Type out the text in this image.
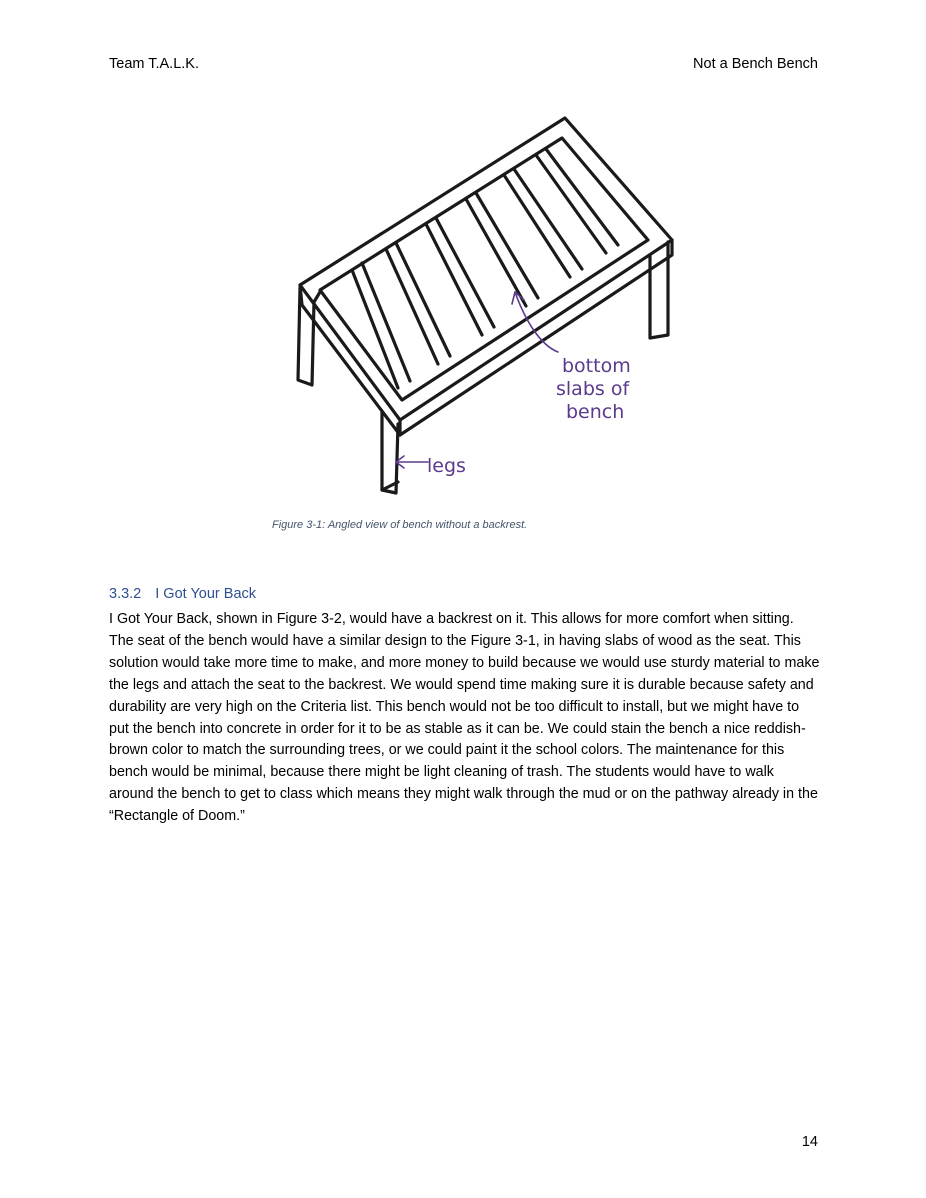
Team T.A.L.K.	Not a Bench Bench
bottom
slabs of
bench
legs
Figure 3-1: Angled view of bench without a backrest.
3.3.2 I Got Your Back

I Got Your Back, shown in Figure 3-2, would have a backrest on it. This allows for more comfort when sitting. The seat of the bench would have a similar design to the Figure 3-1, in having slabs of wood as the seat. This solution would take more time to make, and more money to build because we would use sturdy material to make the legs and attach the seat to the backrest. We would spend time making sure it is durable because safety and durability are very high on the Criteria list. This bench would not be too difficult to install, but we might have to put the bench into concrete in order for it to be as stable as it can be. We could stain the bench a nice reddish-brown color to match the surrounding trees, or we could paint it the school colors. The maintenance for this bench would be minimal, because there might be light cleaning of trash. The students would have to walk around the bench to get to class which means they might walk through the mud or on the pathway already in the “Rectangle of Doom.”

14
